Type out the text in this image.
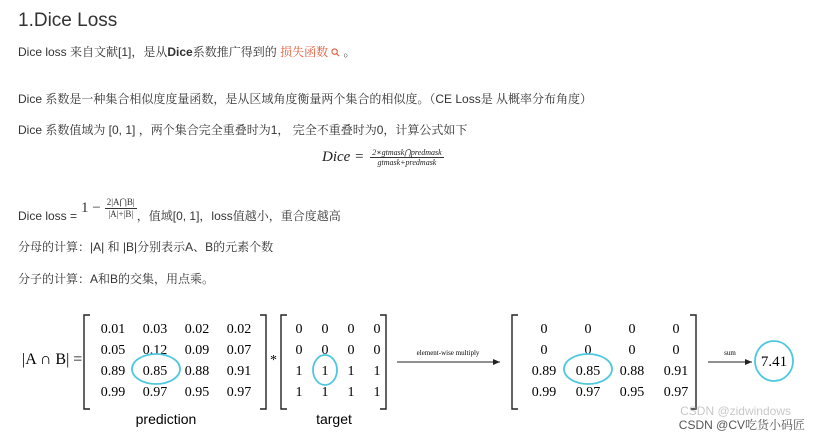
1.Dice Loss
Dice loss 来自文献[1]，是从Dice系数推广得到的 损失函数 。
Dice 系数是一种集合相似度度量函数，是从区域角度衡量两个集合的相似度。（CE Loss是 从概率分布角度）
Dice 系数值域为 [0, 1] ，两个集合完全重叠时为1， 完全不重叠时为0，计算公式如下
Dice = $\frac{\text{2∗gtmask⋂predmask}}{\text{gtmask+predmask}}$
Dice loss = $1 - \frac{2|A⋂B|}{|A|+|B|}$ ，值域[0, 1]，loss值越小，重合度越高
分母的计算：|A| 和 |B|分别表示A、B的元素个数
分子的计算：A和B的交集，用点乘。
|A ∩ B| =
0.01 0.03 0.02 0.02
0.05 0.12 0.09 0.07
0.89 0.85 0.88 0.91
0.99 0.97 0.95 0.97
*
0 0 0 0
0 0 0 0
1 1 1 1
1 1 1 1
element-wise multiply
0	0	0	0
0	0	0	0
0.89 0.85 0.88 0.91
0.99 0.97 0.95 0.97
sum
7.41
prediction	target	CSDN @zidwindows
CSDN @CV吃货小码匠
